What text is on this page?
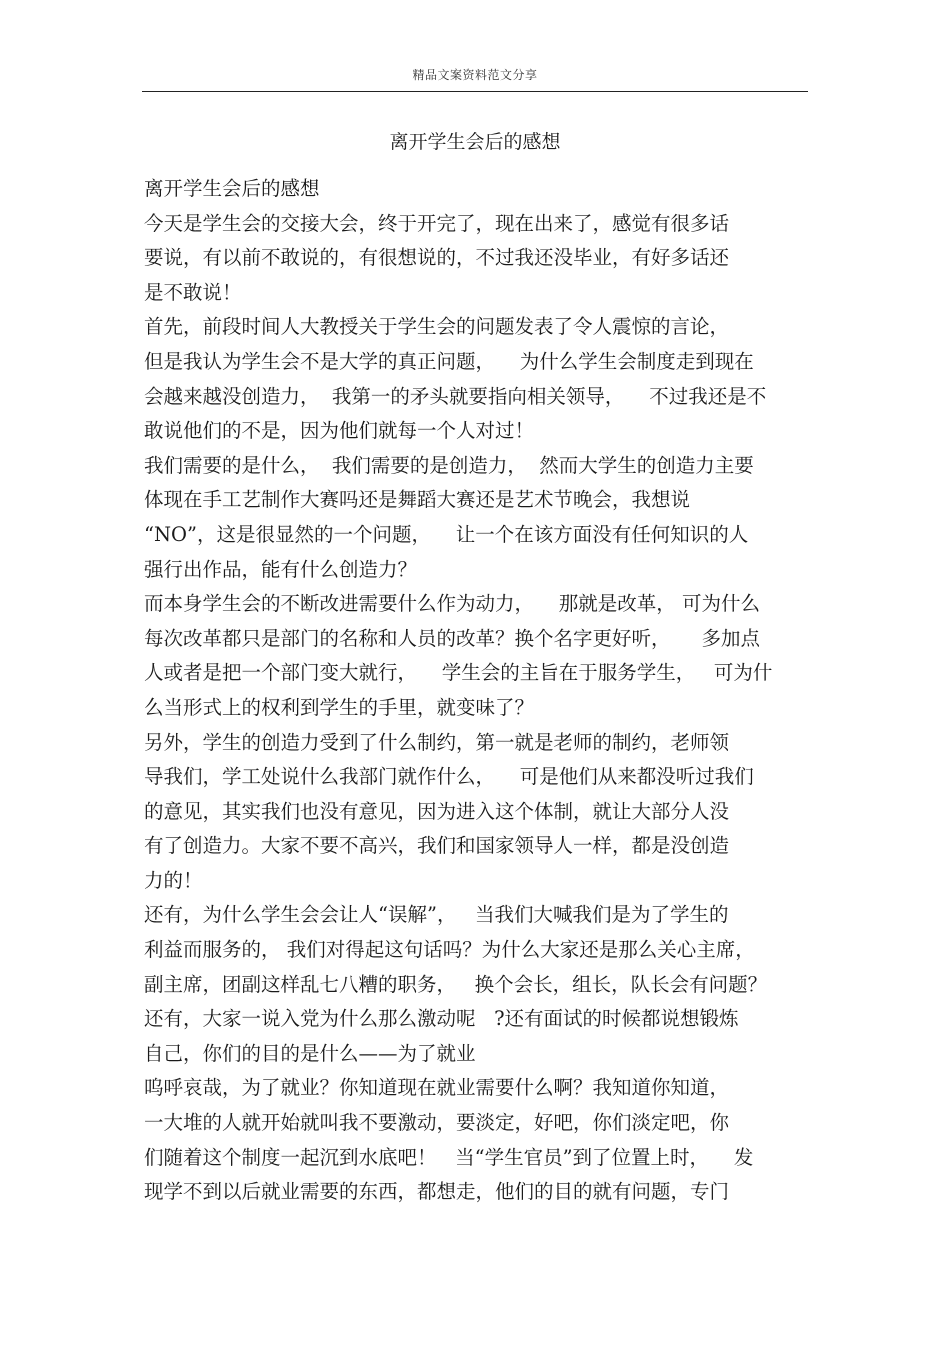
精品文案资料范文分享
离开学生会后的感想
离开学生会后的感想
今天是学生会的交接大会，终于开完了，现在出来了，感觉有很多话
要说，有以前不敢说的，有很想说的，不过我还没毕业，有好多话还
是不敢说！
首先，前段时间人大教授关于学生会的问题发表了令人震惊的言论，
但是我认为学生会不是大学的真正问题，    为什么学生会制度走到现在
会越来越没创造力，  我第一的矛头就要指向相关领导，    不过我还是不
敢说他们的不是，因为他们就每一个人对过！
我们需要的是什么，  我们需要的是创造力，  然而大学生的创造力主要
体现在手工艺制作大赛吗还是舞蹈大赛还是艺术节晚会，我想说
“NO”，这是很显然的一个问题，    让一个在该方面没有任何知识的人
强行出作品，能有什么创造力？
而本身学生会的不断改进需要什么作为动力，    那就是改革， 可为什么
每次改革都只是部门的名称和人员的改革？换个名字更好听，     多加点
人或者是把一个部门变大就行，    学生会的主旨在于服务学生，   可为什
么当形式上的权利到学生的手里，就变味了？
另外，学生的创造力受到了什么制约，第一就是老师的制约，老师领
导我们，学工处说什么我部门就作什么，    可是他们从来都没听过我们
的意见，其实我们也没有意见，因为进入这个体制，就让大部分人没
有了创造力。大家不要不高兴，我们和国家领导人一样，都是没创造
力的！
还有，为什么学生会会让人“误解”，   当我们大喊我们是为了学生的
利益而服务的， 我们对得起这句话吗？为什么大家还是那么关心主席，
副主席，团副这样乱七八糟的职务，   换个会长，组长，队长会有问题？
还有，大家一说入党为什么那么激动呢   ?还有面试的时候都说想锻炼
自己，你们的目的是什么——为了就业
呜呼哀哉，为了就业？你知道现在就业需要什么啊？我知道你知道，
一大堆的人就开始就叫我不要激动，要淡定，好吧，你们淡定吧，你
们随着这个制度一起沉到水底吧！   当“学生官员”到了位置上时，    发
现学不到以后就业需要的东西，都想走，他们的目的就有问题，专门
